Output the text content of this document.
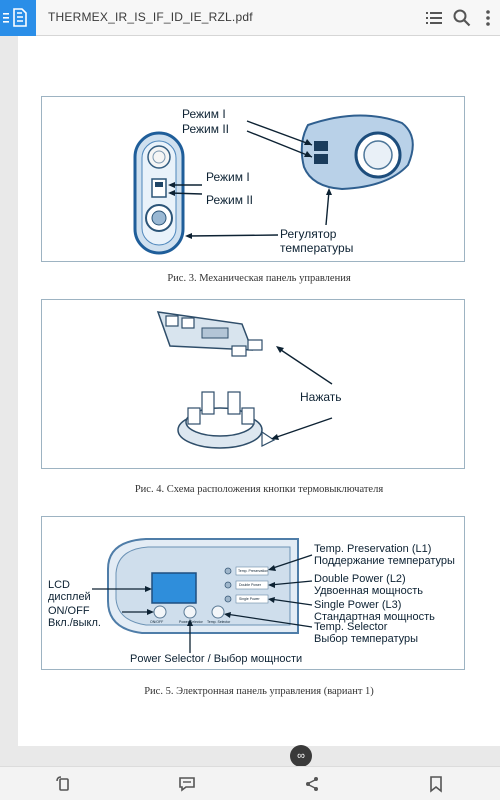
THERMEX_IR_IS_IF_ID_IE_RZL.pdf
Режим I
Режим II
Режим I
Режим II
Регулятор
температуры
Рис. 3. Механическая панель управления
Нажать
Рис. 4. Схема расположения кнопки термовыключателя
ON/OFF	Power Selector Temp. Selector
Temp. Preservation
Double Power
Single Power
LCD
дисплей
ON/OFF
Вкл./выкл.
Temp. Preservation (L1)
Поддержание температуры
Double Power (L2)
Удвоенная мощность
Single Power (L3)
Стандартная мощность
Temp. Selector
Выбор температуры
Power Selector / Выбор мощности
Рис. 5. Электронная панель управления (вариант 1)
∞
